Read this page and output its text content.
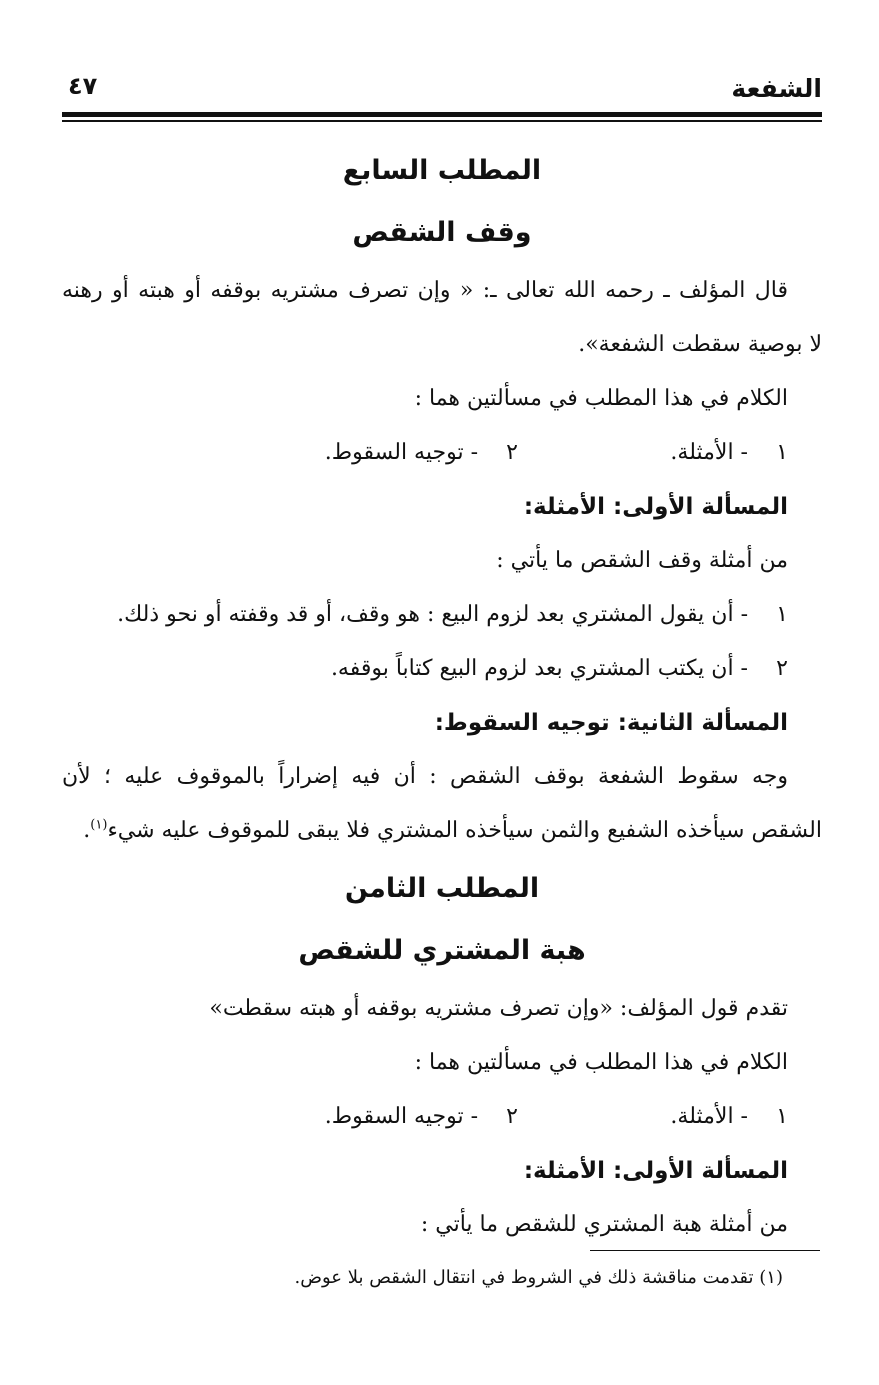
الشفعة
٤٧

المطلب السابع

وقف الشقص

قال المؤلف ـ رحمه الله تعالى ـ: « وإن تصرف مشتريه بوقفه أو هبته أو رهنه

لا بوصية سقطت الشفعة».

الكلام في هذا المطلب في مسألتين هما :

١- الأمثلة.
٢- توجيه السقوط.

المسألة الأولى: الأمثلة:

من أمثلة وقف الشقص ما يأتي :

١- أن يقول المشتري بعد لزوم البيع : هو وقف، أو قد وقفته أو نحو ذلك.

٢- أن يكتب المشتري بعد لزوم البيع كتاباً بوقفه.

المسألة الثانية: توجيه السقوط:

وجه سقوط الشفعة بوقف الشقص : أن فيه إضراراً بالموقوف عليه ؛ لأن

الشقص سيأخذه الشفيع والثمن سيأخذه المشتري فلا يبقى للموقوف عليه شيء$^{(١)}$.

المطلب الثامن

هبة المشتري للشقص

تقدم قول المؤلف: «وإن تصرف مشتريه بوقفه أو هبته سقطت»

الكلام في هذا المطلب في مسألتين هما :

١- الأمثلة.
٢- توجيه السقوط.

المسألة الأولى: الأمثلة:

من أمثلة هبة المشتري للشقص ما يأتي :

(١) تقدمت مناقشة ذلك في الشروط في انتقال الشقص بلا عوض.
